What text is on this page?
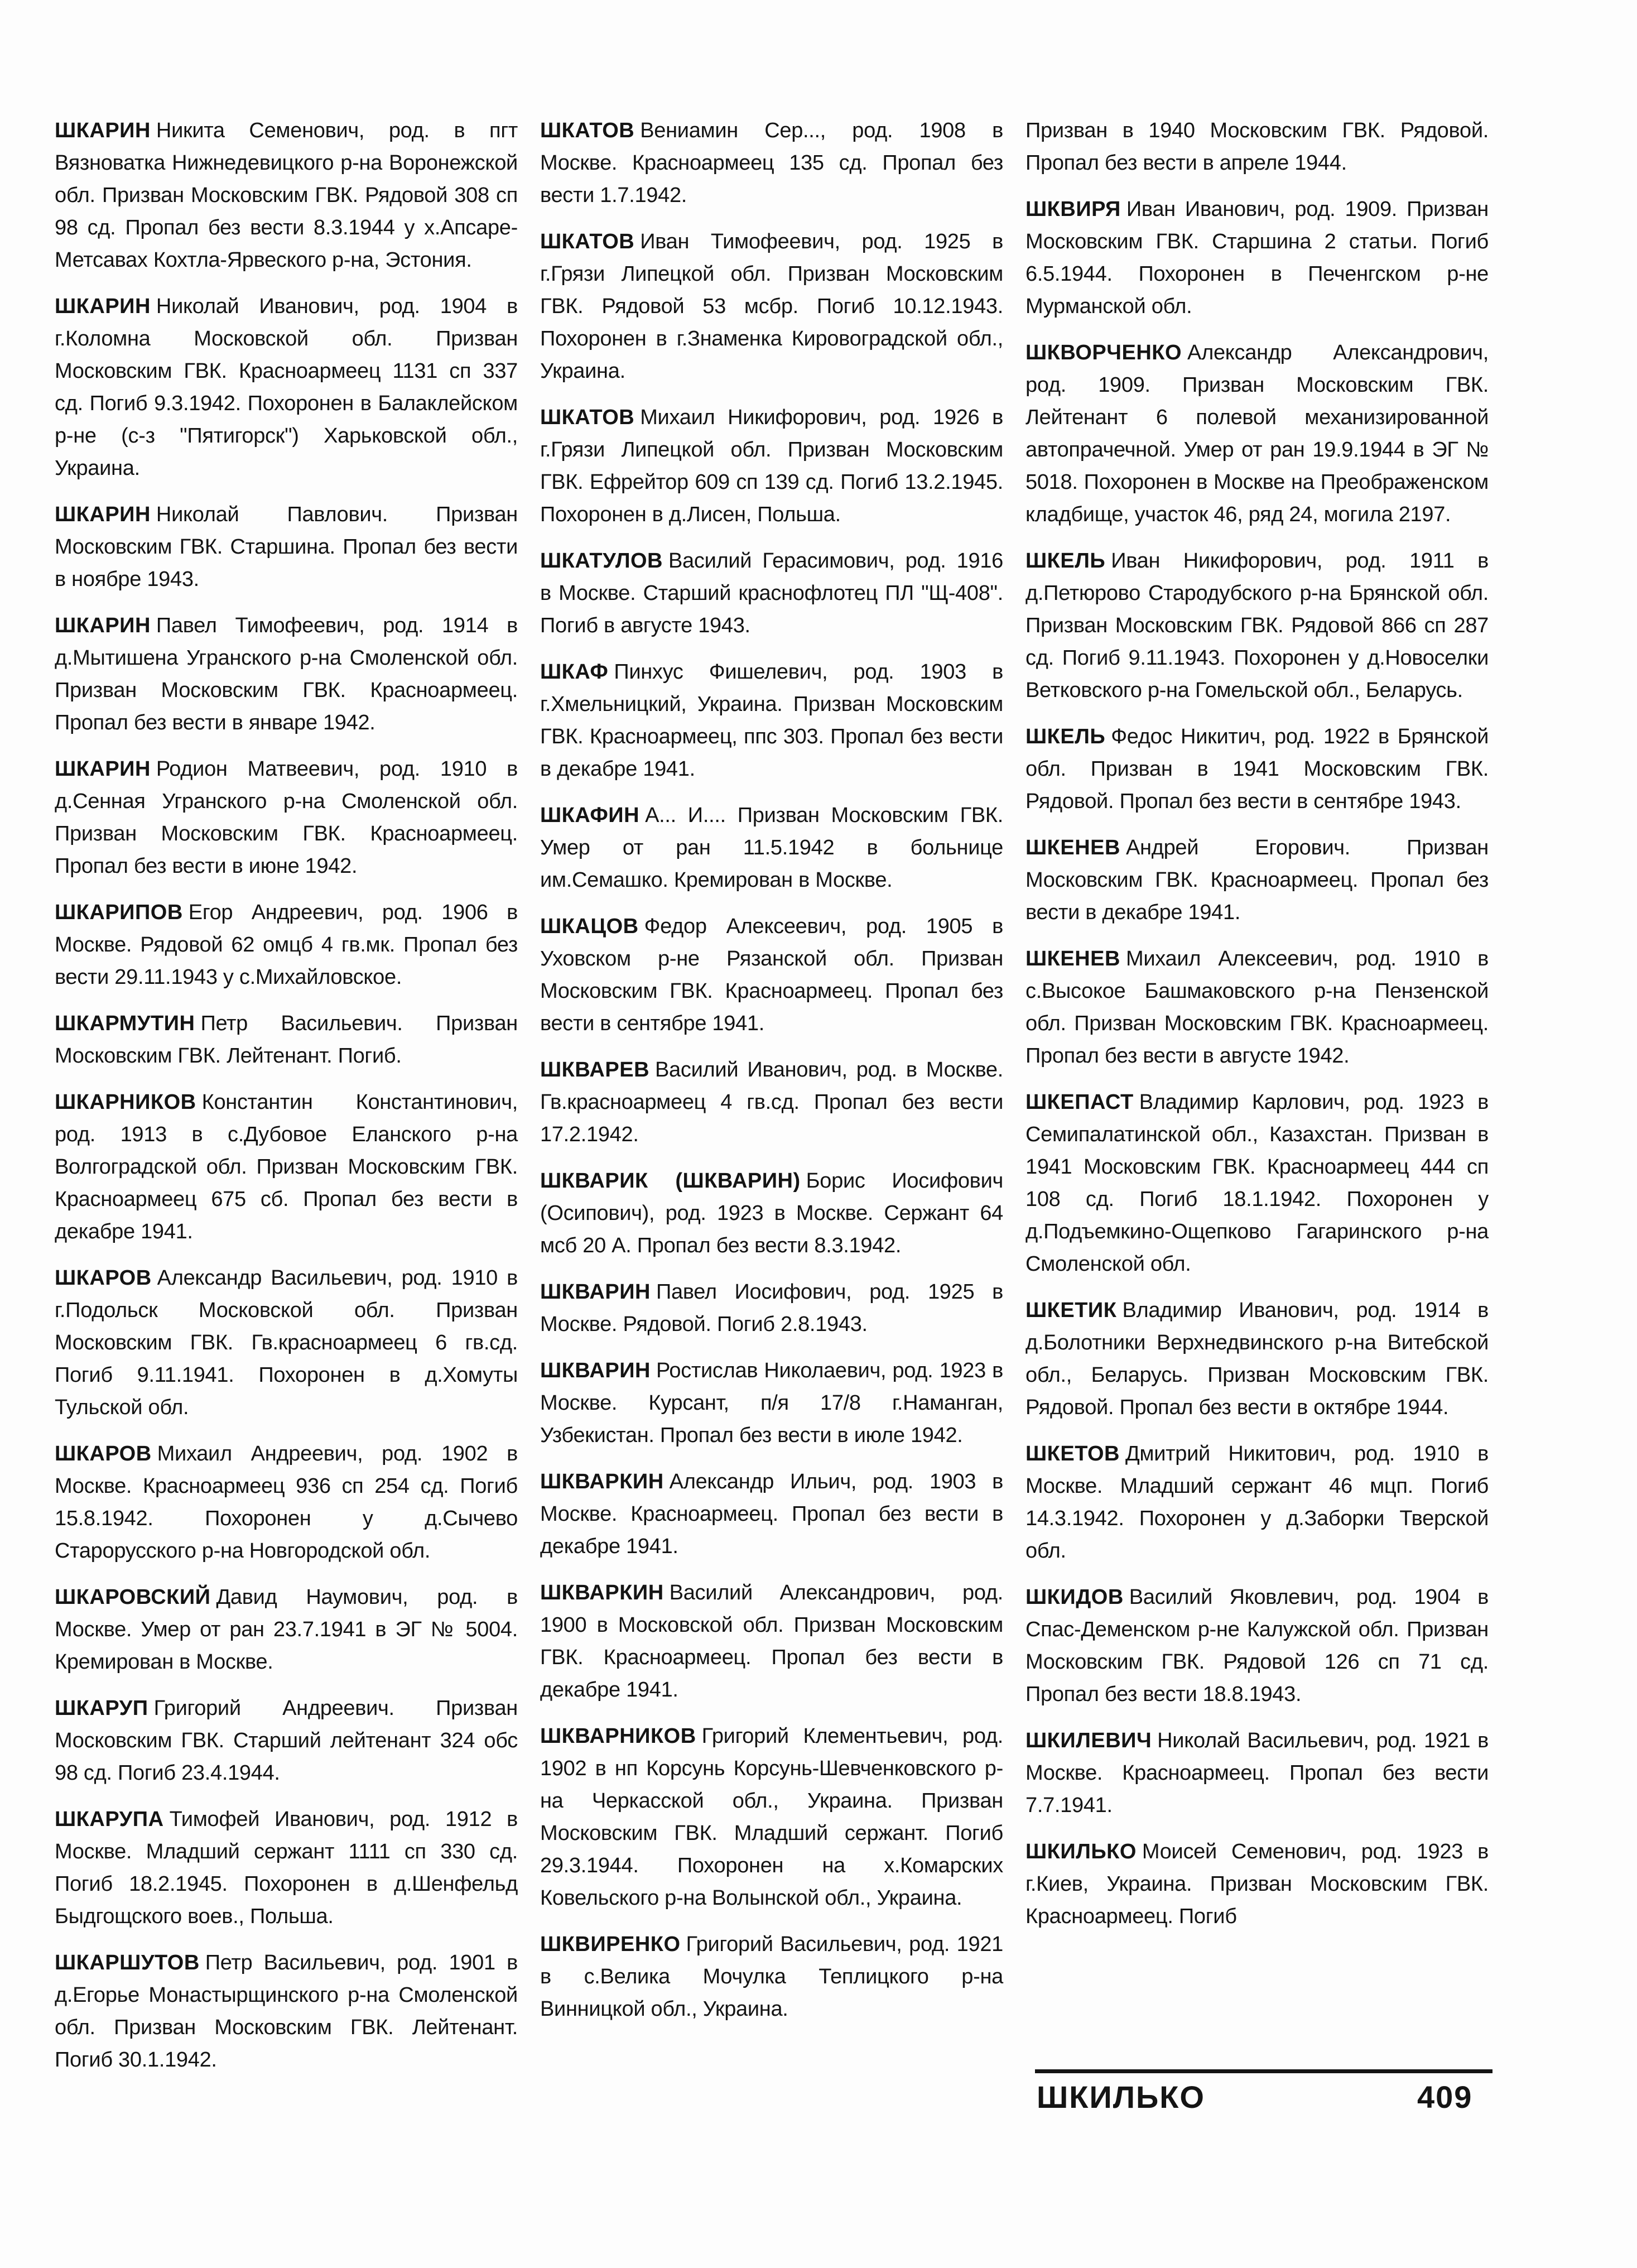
ШКАРИН Никита Семенович, род. в пгт Вязноватка Нижнедевицкого р-на Воронежской обл. Призван Московским ГВК. Рядовой 308 сп 98 сд. Пропал без вести 8.3.1944 у х.Апсаре-Метсавах Кохтла-Ярвеского р-на, Эстония.

ШКАРИН Николай Иванович, род. 1904 в г.Коломна Московской обл. Призван Московским ГВК. Красноармеец 1131 сп 337 сд. Погиб 9.3.1942. Похоронен в Балаклейском р-не (с-з "Пятигорск") Харьковской обл., Украина.

ШКАРИН Николай Павлович. Призван Московским ГВК. Старшина. Пропал без вести в ноябре 1943.

ШКАРИН Павел Тимофеевич, род. 1914 в д.Мытишена Угранского р-на Смоленской обл. Призван Московским ГВК. Красноармеец. Пропал без вести в январе 1942.

ШКАРИН Родион Матвеевич, род. 1910 в д.Сенная Угранского р-на Смоленской обл. Призван Московским ГВК. Красноармеец. Пропал без вести в июне 1942.

ШКАРИПОВ Егор Андреевич, род. 1906 в Москве. Рядовой 62 омцб 4 гв.мк. Пропал без вести 29.11.1943 у с.Михайловское.

ШКАРМУТИН Петр Васильевич. Призван Московским ГВК. Лейтенант. Погиб.

ШКАРНИКОВ Константин Константинович, род. 1913 в с.Дубовое Еланского р-на Волгоградской обл. Призван Московским ГВК. Красноармеец 675 сб. Пропал без вести в декабре 1941.

ШКАРОВ Александр Васильевич, род. 1910 в г.Подольск Московской обл. Призван Московским ГВК. Гв.красноармеец 6 гв.сд. Погиб 9.11.1941. Похоронен в д.Хомуты Тульской обл.

ШКАРОВ Михаил Андреевич, род. 1902 в Москве. Красноармеец 936 сп 254 сд. Погиб 15.8.1942. Похоронен у д.Сычево Старорусского р-на Новгородской обл.

ШКАРОВСКИЙ Давид Наумович, род. в Москве. Умер от ран 23.7.1941 в ЭГ № 5004. Кремирован в Москве.

ШКАРУП Григорий Андреевич. Призван Московским ГВК. Старший лейтенант 324 обс 98 сд. Погиб 23.4.1944.

ШКАРУПА Тимофей Иванович, род. 1912 в Москве. Младший сержант 1111 сп 330 сд. Погиб 18.2.1945. Похоронен в д.Шенфельд Быдгощского воев., Польша.

ШКАРШУТОВ Петр Васильевич, род. 1901 в д.Егорье Монастырщинского р-на Смоленской обл. Призван Московским ГВК. Лейтенант. Погиб 30.1.1942.

ШКАТОВ Вениамин Сер..., род. 1908 в Москве. Красноармеец 135 сд. Пропал без вести 1.7.1942.

ШКАТОВ Иван Тимофеевич, род. 1925 в г.Грязи Липецкой обл. Призван Московским ГВК. Рядовой 53 мсбр. Погиб 10.12.1943. Похоронен в г.Знаменка Кировоградской обл., Украина.

ШКАТОВ Михаил Никифорович, род. 1926 в г.Грязи Липецкой обл. Призван Московским ГВК. Ефрейтор 609 сп 139 сд. Погиб 13.2.1945. Похоронен в д.Лисен, Польша.

ШКАТУЛОВ Василий Герасимович, род. 1916 в Москве. Старший краснофлотец ПЛ "Щ-408". Погиб в августе 1943.

ШКАФ Пинхус Фишелевич, род. 1903 в г.Хмельницкий, Украина. Призван Московским ГВК. Красноармеец, ппс 303. Пропал без вести в декабре 1941.

ШКАФИН А... И.... Призван Московским ГВК. Умер от ран 11.5.1942 в больнице им.Семашко. Кремирован в Москве.

ШКАЦОВ Федор Алексеевич, род. 1905 в Уховском р-не Рязанской обл. Призван Московским ГВК. Красноармеец. Пропал без вести в сентябре 1941.

ШКВАРЕВ Василий Иванович, род. в Москве. Гв.красноармеец 4 гв.сд. Пропал без вести 17.2.1942.

ШКВАРИК (ШКВАРИН) Борис Иосифович (Осипович), род. 1923 в Москве. Сержант 64 мсб 20 А. Пропал без вести 8.3.1942.

ШКВАРИН Павел Иосифович, род. 1925 в Москве. Рядовой. Погиб 2.8.1943.

ШКВАРИН Ростислав Николаевич, род. 1923 в Москве. Курсант, п/я 17/8 г.Наманган, Узбекистан. Пропал без вести в июле 1942.

ШКВАРКИН Александр Ильич, род. 1903 в Москве. Красноармеец. Пропал без вести в декабре 1941.

ШКВАРКИН Василий Александрович, род. 1900 в Московской обл. Призван Московским ГВК. Красноармеец. Пропал без вести в декабре 1941.

ШКВАРНИКОВ Григорий Клементьевич, род. 1902 в нп Корсунь Корсунь-Шевченковского р-на Черкасской обл., Украина. Призван Московским ГВК. Младший сержант. Погиб 29.3.1944. Похоронен на х.Комарских Ковельского р-на Волынской обл., Украина.

ШКВИРЕНКО Григорий Васильевич, род. 1921 в с.Велика Мочулка Теплицкого р-на Винницкой обл., Украина.

Призван в 1940 Московским ГВК. Рядовой. Пропал без вести в апреле 1944.

ШКВИРЯ Иван Иванович, род. 1909. Призван Московским ГВК. Старшина 2 статьи. Погиб 6.5.1944. Похоронен в Печенгском р-не Мурманской обл.

ШКВОРЧЕНКО Александр Александрович, род. 1909. Призван Московским ГВК. Лейтенант 6 полевой механизированной автопрачечной. Умер от ран 19.9.1944 в ЭГ № 5018. Похоронен в Москве на Преображенском кладбище, участок 46, ряд 24, могила 2197.

ШКЕЛЬ Иван Никифорович, род. 1911 в д.Петюрово Стародубского р-на Брянской обл. Призван Московским ГВК. Рядовой 866 сп 287 сд. Погиб 9.11.1943. Похоронен у д.Новоселки Ветковского р-на Гомельской обл., Беларусь.

ШКЕЛЬ Федос Никитич, род. 1922 в Брянской обл. Призван в 1941 Московским ГВК. Рядовой. Пропал без вести в сентябре 1943.

ШКЕНЕВ Андрей Егорович. Призван Московским ГВК. Красноармеец. Пропал без вести в декабре 1941.

ШКЕНЕВ Михаил Алексеевич, род. 1910 в с.Высокое Башмаковского р-на Пензенской обл. Призван Московским ГВК. Красноармеец. Пропал без вести в августе 1942.

ШКЕПАСТ Владимир Карлович, род. 1923 в Семипалатинской обл., Казахстан. Призван в 1941 Московским ГВК. Красноармеец 444 сп 108 сд. Погиб 18.1.1942. Похоронен у д.Подъемкино-Ощепково Гагаринского р-на Смоленской обл.

ШКЕТИК Владимир Иванович, род. 1914 в д.Болотники Верхнедвинского р-на Витебской обл., Беларусь. Призван Московским ГВК. Рядовой. Пропал без вести в октябре 1944.

ШКЕТОВ Дмитрий Никитович, род. 1910 в Москве. Младший сержант 46 мцп. Погиб 14.3.1942. Похоронен у д.Заборки Тверской обл.

ШКИДОВ Василий Яковлевич, род. 1904 в Спас-Деменском р-не Калужской обл. Призван Московским ГВК. Рядовой 126 сп 71 сд. Пропал без вести 18.8.1943.

ШКИЛЕВИЧ Николай Васильевич, род. 1921 в Москве. Красноармеец. Пропал без вести 7.7.1941.

ШКИЛЬКО Моисей Семенович, род. 1923 в г.Киев, Украина. Призван Московским ГВК. Красноармеец. Погиб

ШКИЛЬКО	409
